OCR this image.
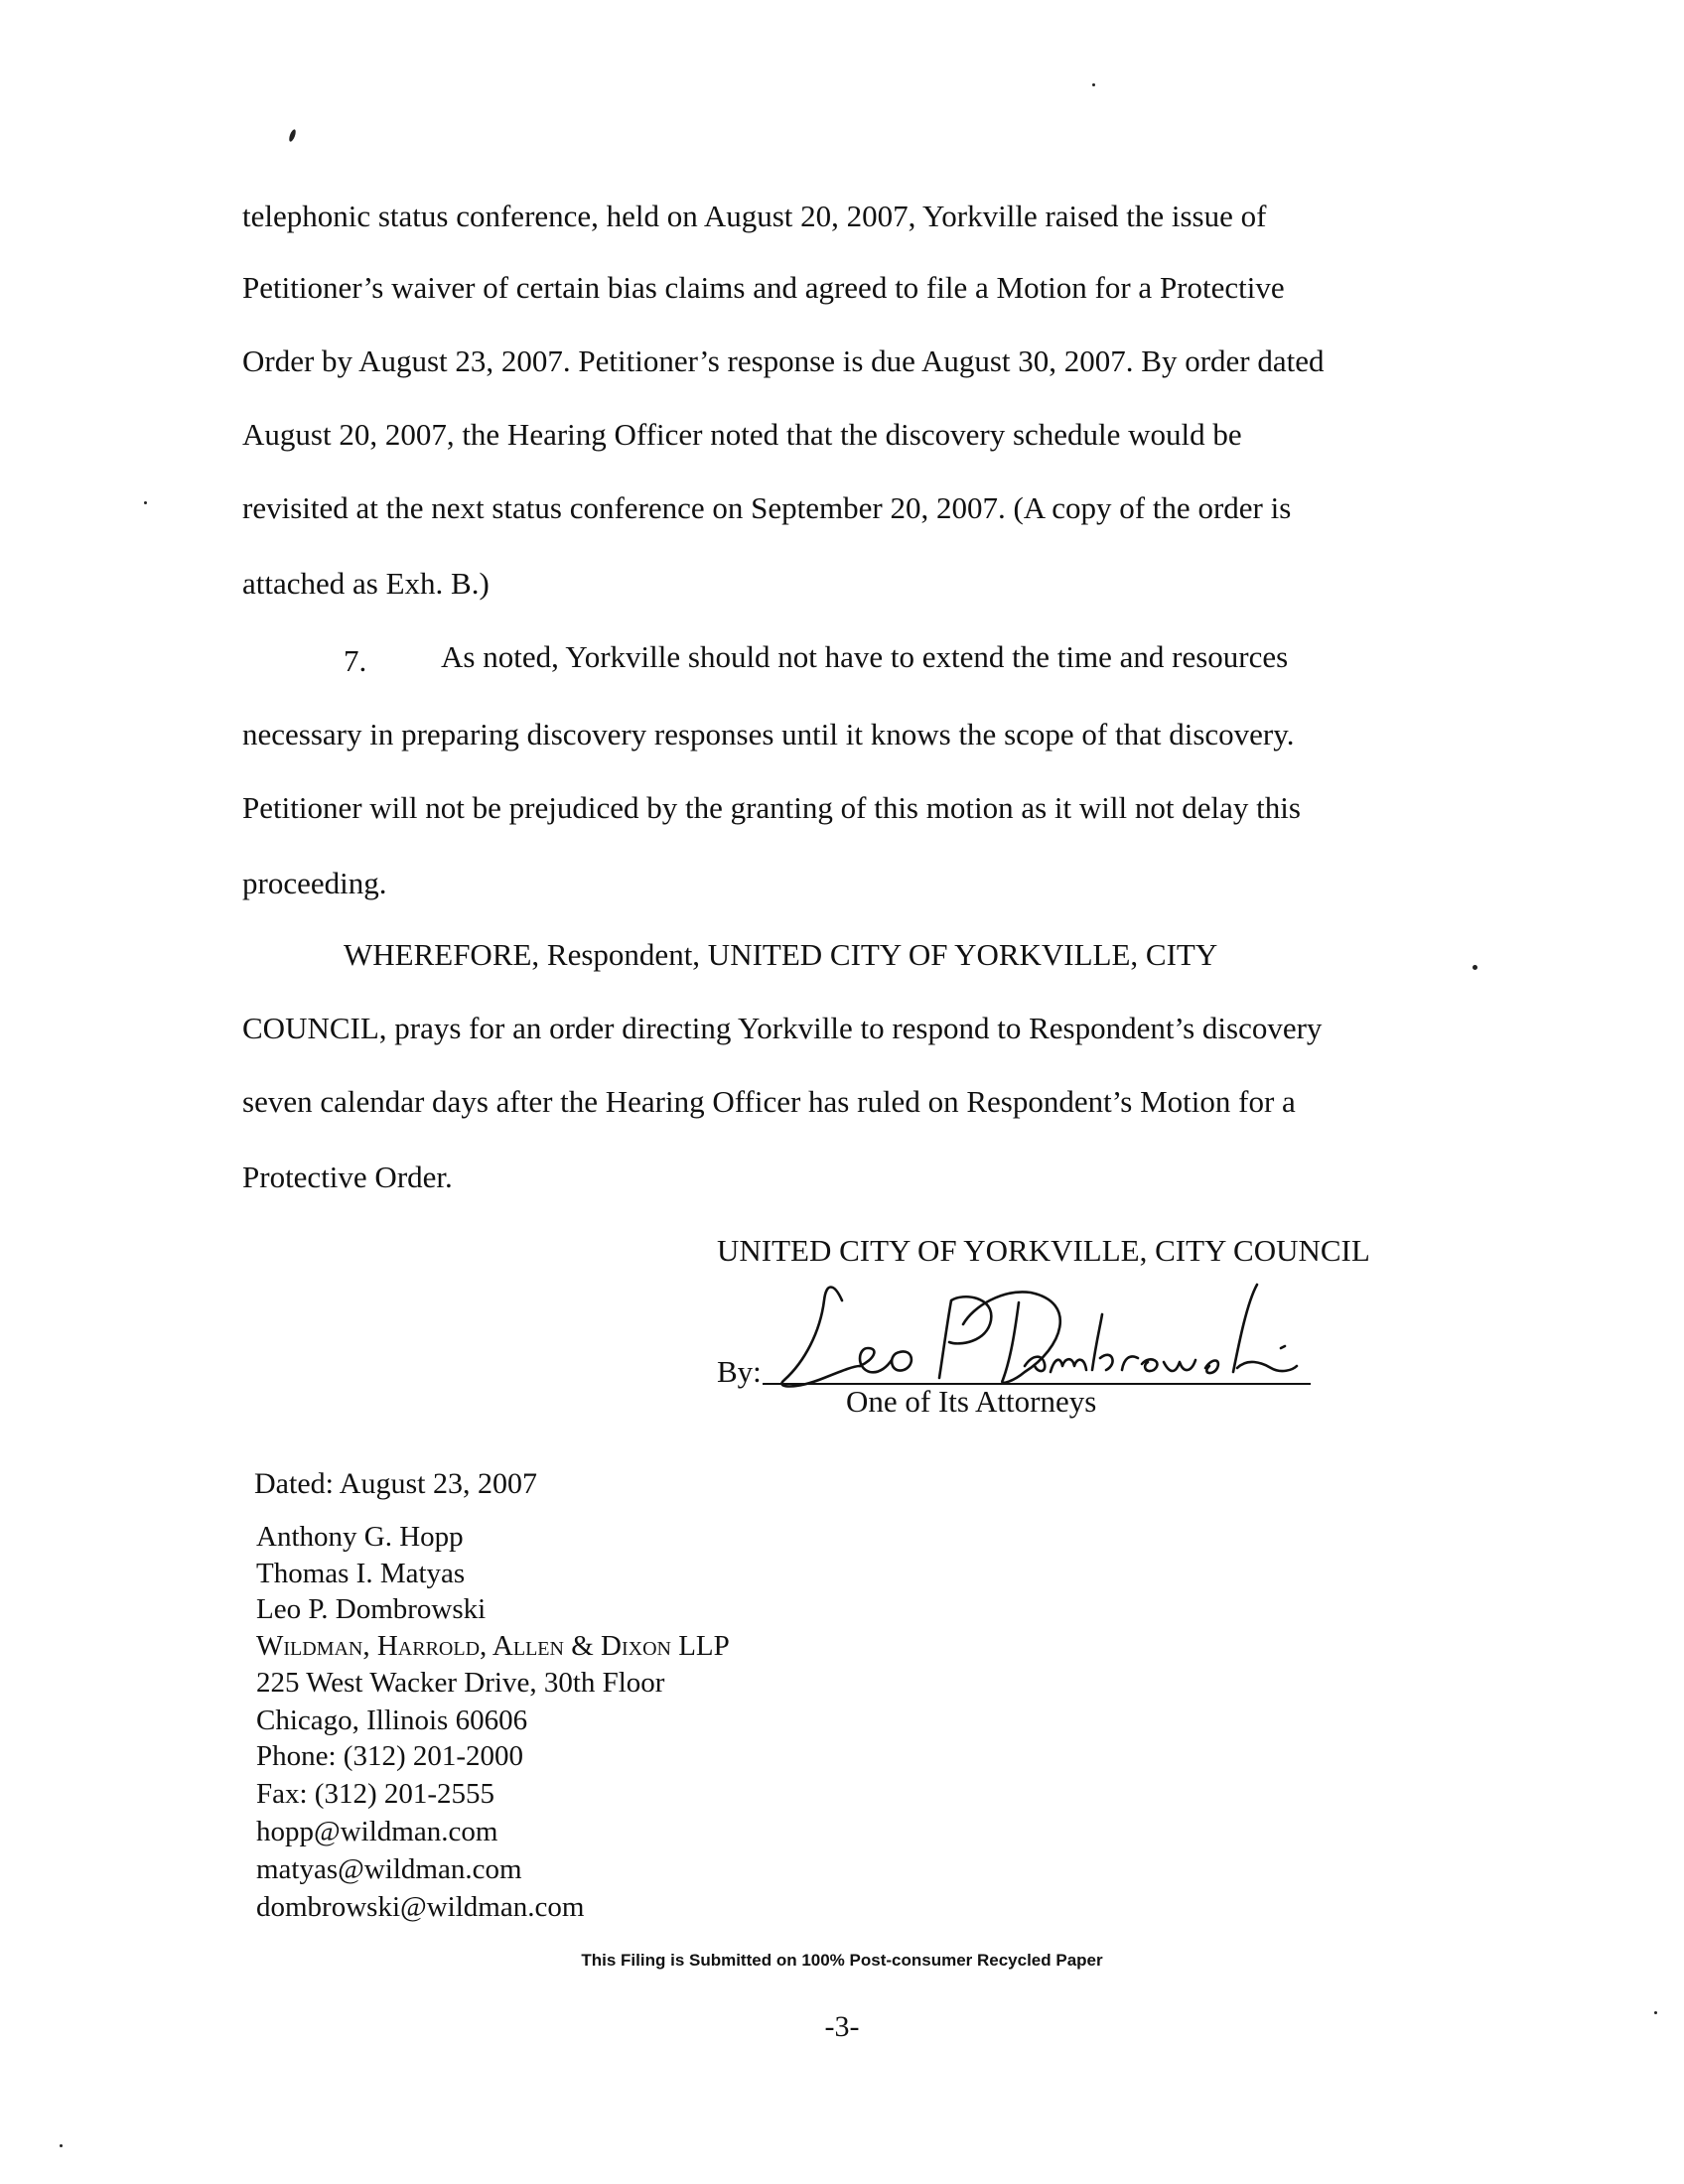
telephonic status conference, held on August 20, 2007, Yorkville raised the issue of
Petitioner’s waiver of certain bias claims and agreed to file a Motion for a Protective
Order by August 23, 2007. Petitioner’s response is due August 30, 2007. By order dated
August 20, 2007, the Hearing Officer noted that the discovery schedule would be
revisited at the next status conference on September 20, 2007. (A copy of the order is
attached as Exh. B.)
7.	As noted, Yorkville should not have to extend the time and resources
necessary in preparing discovery responses until it knows the scope of that discovery.
Petitioner will not be prejudiced by the granting of this motion as it will not delay this
proceeding.
WHEREFORE, Respondent, UNITED CITY OF YORKVILLE, CITY
COUNCIL, prays for an order directing Yorkville to respond to Respondent’s discovery
seven calendar days after the Hearing Officer has ruled on Respondent’s Motion for a
Protective Order.
UNITED CITY OF YORKVILLE, CITY COUNCIL
By:
One of Its Attorneys
Dated: August 23, 2007
Anthony G. Hopp
Thomas I. Matyas
Leo P. Dombrowski
Wildman, Harrold, Allen & Dixon LLP
225 West Wacker Drive, 30th Floor
Chicago, Illinois 60606
Phone: (312) 201-2000
Fax: (312) 201-2555
hopp@wildman.com
matyas@wildman.com
dombrowski@wildman.com
This Filing is Submitted on 100% Post-consumer Recycled Paper
-3-
